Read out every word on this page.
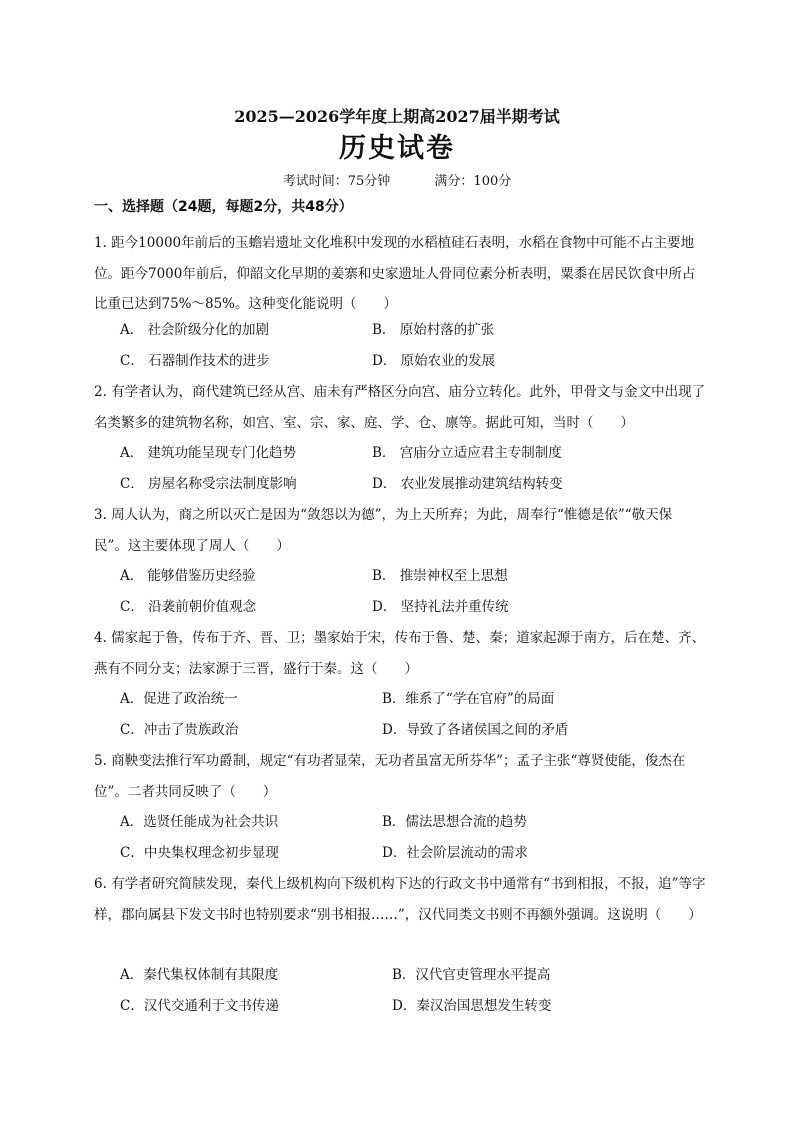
2025—2026学年度上期高2027届半期考试
历史试卷
考试时间：75分钟	满分：100分
一、选择题（24题，每题2分，共48分）
1. 距今10000年前后的玉蟾岩遗址文化堆积中发现的水稻植硅石表明，水稻在食物中可能不占主要地位。距今7000年前后，仰韶文化早期的姜寨和史家遗址人骨同位素分析表明，粟黍在居民饮食中所占比重已达到75%～85%。这种变化能说明（　　）
A． 社会阶级分化的加剧	B． 原始村落的扩张
C． 石器制作技术的进步	D． 原始农业的发展
2. 有学者认为，商代建筑已经从宫、庙未有严格区分向宫、庙分立转化。此外，甲骨文与金文中出现了名类繁多的建筑物名称，如宫、室、宗、家、庭、学、仓、廪等。据此可知，当时（　　）
A． 建筑功能呈现专门化趋势	B． 宫庙分立适应君主专制制度
C． 房屋名称受宗法制度影响	D． 农业发展推动建筑结构转变
3. 周人认为，商之所以灭亡是因为“敛怨以为德”，为上天所弃；为此，周奉行“惟德是依”“敬天保民”。这主要体现了周人（　　）
A． 能够借鉴历史经验	B． 推崇神权至上思想
C． 沿袭前朝价值观念	D． 坚持礼法并重传统
4. 儒家起于鲁，传布于齐、晋、卫；墨家始于宋，传布于鲁、楚、秦；道家起源于南方，后在楚、齐、燕有不同分支；法家源于三晋，盛行于秦。这（　　）
A．促进了政治统一	B．维系了“学在官府”的局面
C．冲击了贵族政治	D．导致了各诸侯国之间的矛盾
5. 商鞅变法推行军功爵制，规定“有功者显荣，无功者虽富无所芬华”；孟子主张“尊贤使能，俊杰在位”。二者共同反映了（　　）
A．选贤任能成为社会共识	B．儒法思想合流的趋势
C．中央集权理念初步显现	D．社会阶层流动的需求
6. 有学者研究简牍发现，秦代上级机构向下级机构下达的行政文书中通常有“书到相报，不报，追”等字样，郡向属县下发文书时也特别要求“别书相报……”，汉代同类文书则不再额外强调。这说明（　　）
A．秦代集权体制有其限度	B．汉代官吏管理水平提高
C．汉代交通利于文书传递	D．秦汉治国思想发生转变
